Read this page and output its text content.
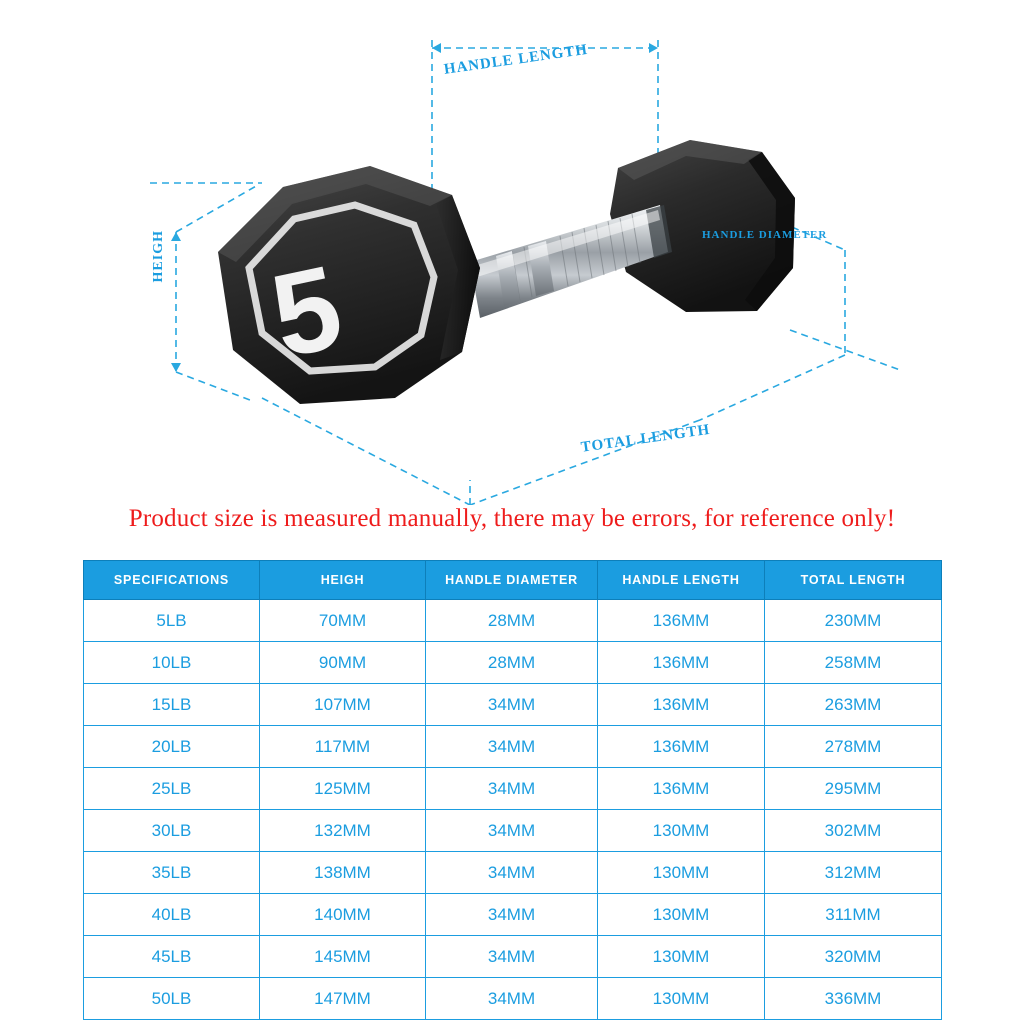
5
HANDLE LENGTH
HANDLE DIAMETER
TOTAL LENGTH
HEIGH
Product size is measured manually, there may be errors, for reference only!
SPECIFICATIONS	HEIGH	HANDLE DIAMETER	HANDLE LENGTH	TOTAL LENGTH
5LB	70MM	28MM	136MM	230MM
10LB	90MM	28MM	136MM	258MM
15LB	107MM	34MM	136MM	263MM
20LB	117MM	34MM	136MM	278MM
25LB	125MM	34MM	136MM	295MM
30LB	132MM	34MM	130MM	302MM
35LB	138MM	34MM	130MM	312MM
40LB	140MM	34MM	130MM	311MM
45LB	145MM	34MM	130MM	320MM
50LB	147MM	34MM	130MM	336MM
